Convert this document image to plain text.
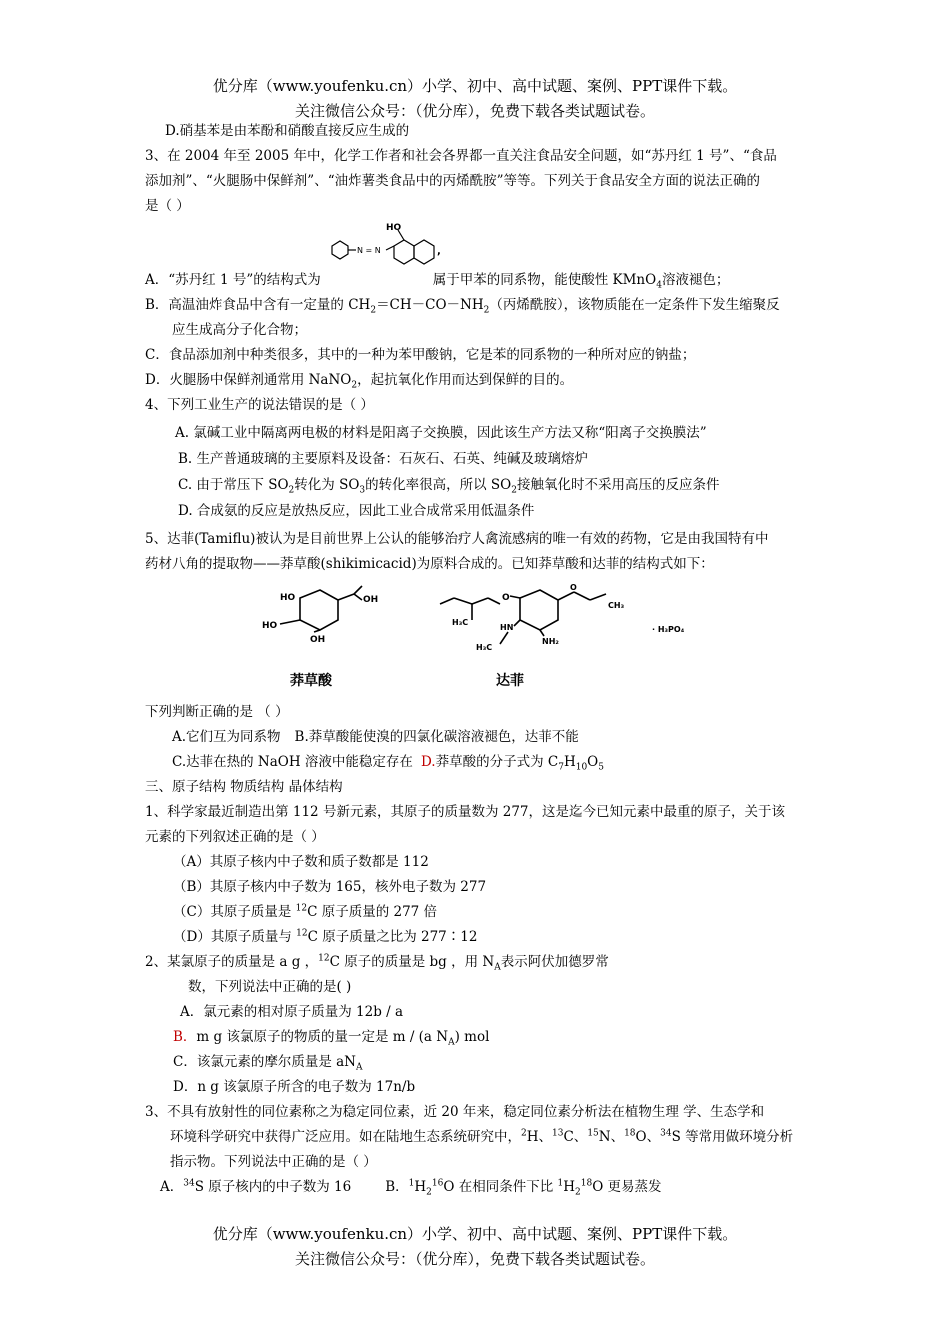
优分库（www.youfenku.cn）小学、初中、高中试题、案例、PPT课件下载。
关注微信公众号：（优分库），免费下载各类试题试卷。
D.硝基苯是由苯酚和硝酸直接反应生成的
3、在 2004 年至 2005 年中，化学工作者和社会各界都一直关注食品安全问题，如“苏丹红 1 号”、“食品
添加剂”、“火腿肠中保鲜剂”、“油炸薯类食品中的丙烯酰胺”等等。下列关于食品安全方面的说法正确的
是（ ）
N = N
HO
,
A．“苏丹红 1 号”的结构式为	属于甲苯的同系物，能使酸性 KMnO$_4$溶液褪色；
B．高温油炸食品中含有一定量的 $CH_2=CH-CO-NH_2$（丙烯酰胺），该物质能在一定条件下发生缩聚反
应生成高分子化合物；
C．食品添加剂中种类很多，其中的一种为苯甲酸钠，它是苯的同系物的一种所对应的钠盐；
D．火腿肠中保鲜剂通常用 NaNO$_2$，起抗氧化作用而达到保鲜的目的。
4、下列工业生产的说法错误的是（ ）
A. 氯碱工业中隔离两电极的材料是阳离子交换膜，因此该生产方法又称“阳离子交换膜法”
B. 生产普通玻璃的主要原料及设备：石灰石、石英、纯碱及玻璃熔炉
C. 由于常压下 $SO_2$转化为 $SO_3$的转化率很高，所以 $SO_2$接触氧化时不采用高压的反应条件
D. 合成氨的反应是放热反应，因此工业合成常采用低温条件
5、达菲(Tamiflu)被认为是目前世界上公认的能够治疗人禽流感病的唯一有效的药物，它是由我国特有中
药材八角的提取物——莽草酸(shikimicacid)为原料合成的。已知莽草酸和达菲的结构式如下：
OH
HO
HO
OH
莽草酸
H₃C
O
O
CH₃
HN
H₃C
NH₂
· H₃PO₄
达菲
下列判断正确的是 （ ）
A.它们互为同系物 B.莽草酸能使溴的四氯化碳溶液褪色，达菲不能
C.达菲在热的 NaOH 溶液中能稳定存在 D.莽草酸的分子式为 $C_7H_{10}O_5$
三、原子结构 物质结构 晶体结构
1、科学家最近制造出第 112 号新元素，其原子的质量数为 277，这是迄今已知元素中最重的原子，关于该
元素的下列叙述正确的是（ ）
（A）其原子核内中子数和质子数都是 112
（B）其原子核内中子数为 165，核外电子数为 277
（C）其原子质量是 $^{12}$C 原子质量的 277 倍
（D）其原子质量与 $^{12}$C 原子质量之比为 277∶12
2、某氯原子的质量是 a g ，$^{12}$C 原子的质量是 bg ，用 $N_A$表示阿伏加德罗常
数，下列说法中正确的是( )
A．氯元素的相对原子质量为 12b / a
B．m g 该氯原子的物质的量一定是 m / (a $N_A$) mol
C．该氯元素的摩尔质量是 $aN_A$
D．n g 该氯原子所含的电子数为 17n/b
3、不具有放射性的同位素称之为稳定同位素，近 20 年来，稳定同位素分析法在植物生理 学、生态学和
环境科学研究中获得广泛应用。如在陆地生态系统研究中，$^2$H、$^{13}$C、$^{15}$N、$^{18}$O、$^{34}$S 等常用做环境分析
指示物。下列说法中正确的是（ ）
A．$^{34}$S 原子核内的中子数为 16	B．$^1H_2^{16}O$ 在相同条件下比 $^1H_2^{18}O$ 更易蒸发
优分库（www.youfenku.cn）小学、初中、高中试题、案例、PPT课件下载。
关注微信公众号：（优分库），免费下载各类试题试卷。
